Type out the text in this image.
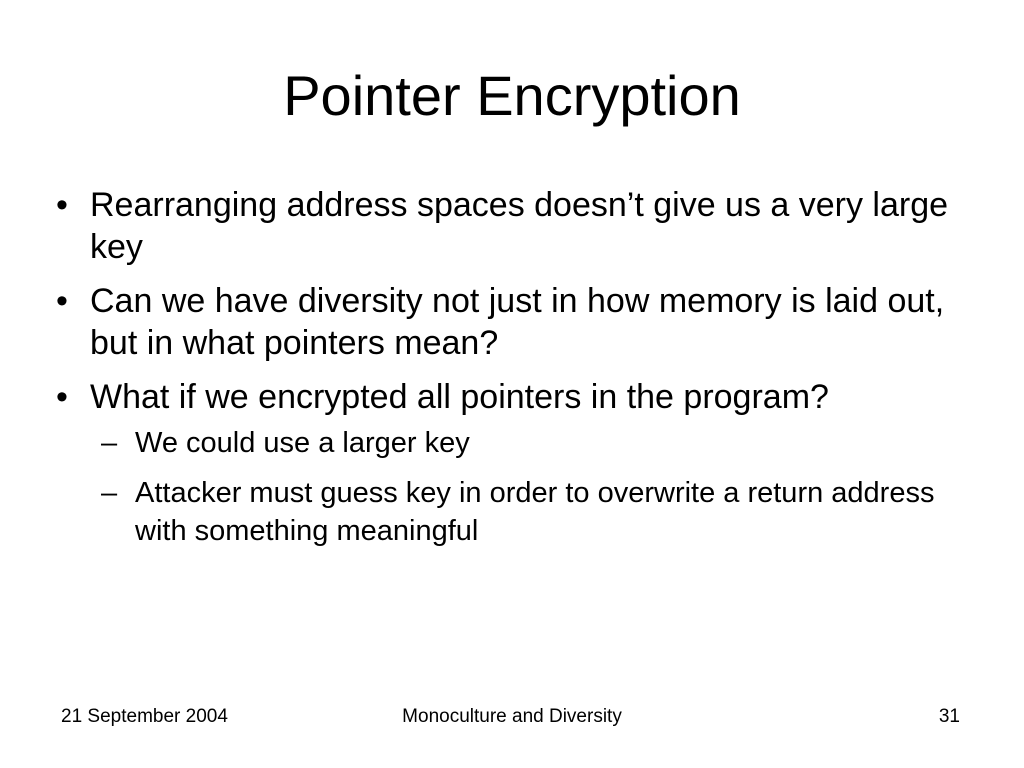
Pointer Encryption
• Rearranging address spaces doesn’t give us a very large key
• Can we have diversity not just in how memory is laid out, but in what pointers mean?
• What if we encrypted all pointers in the program?
– We could use a larger key
– Attacker must guess key in order to overwrite a return address with something meaningful
21 September 2004	Monoculture and Diversity	31
